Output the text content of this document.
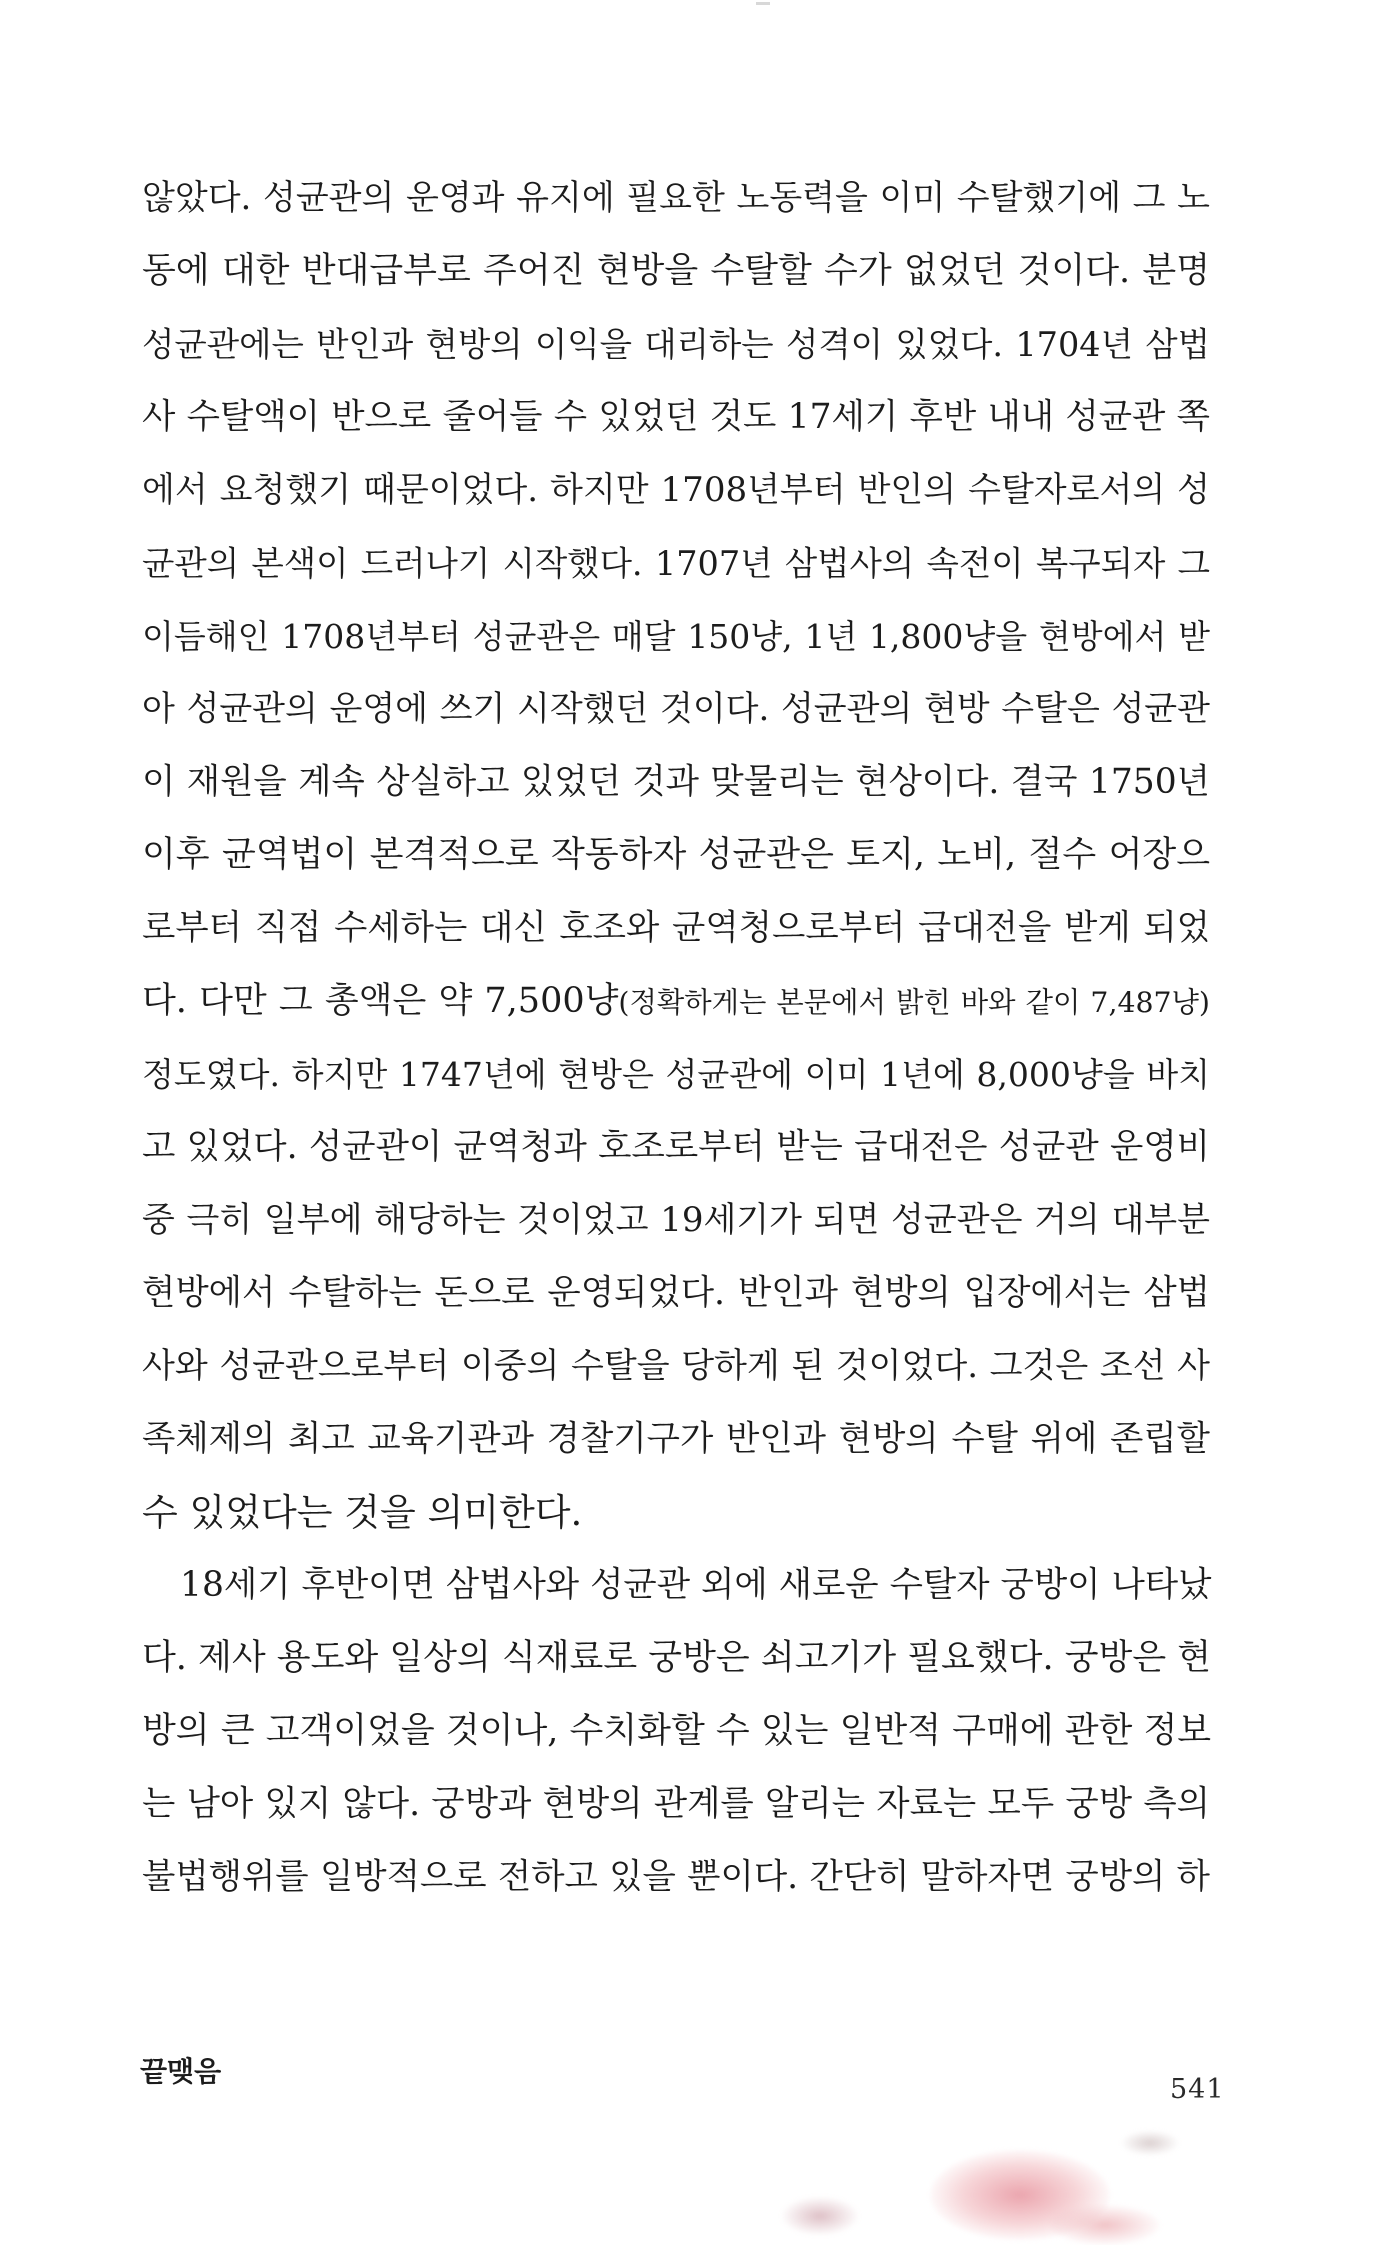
않았다. 성균관의 운영과 유지에 필요한 노동력을 이미 수탈했기에 그 노
동에 대한 반대급부로 주어진 현방을 수탈할 수가 없었던 것이다. 분명
성균관에는 반인과 현방의 이익을 대리하는 성격이 있었다. 1704년 삼법
사 수탈액이 반으로 줄어들 수 있었던 것도 17세기 후반 내내 성균관 쪽
에서 요청했기 때문이었다. 하지만 1708년부터 반인의 수탈자로서의 성
균관의 본색이 드러나기 시작했다. 1707년 삼법사의 속전이 복구되자 그
이듬해인 1708년부터 성균관은 매달 150냥, 1년 1,800냥을 현방에서 받
아 성균관의 운영에 쓰기 시작했던 것이다. 성균관의 현방 수탈은 성균관
이 재원을 계속 상실하고 있었던 것과 맞물리는 현상이다. 결국 1750년
이후 균역법이 본격적으로 작동하자 성균관은 토지, 노비, 절수 어장으
로부터 직접 수세하는 대신 호조와 균역청으로부터 급대전을 받게 되었
다. 다만 그 총액은 약 7,500냥(정확하게는 본문에서 밝힌 바와 같이 7,487냥)
정도였다. 하지만 1747년에 현방은 성균관에 이미 1년에 8,000냥을 바치
고 있었다. 성균관이 균역청과 호조로부터 받는 급대전은 성균관 운영비
중 극히 일부에 해당하는 것이었고 19세기가 되면 성균관은 거의 대부분
현방에서 수탈하는 돈으로 운영되었다. 반인과 현방의 입장에서는 삼법
사와 성균관으로부터 이중의 수탈을 당하게 된 것이었다. 그것은 조선 사
족체제의 최고 교육기관과 경찰기구가 반인과 현방의 수탈 위에 존립할
수 있었다는 것을 의미한다.
18세기 후반이면 삼법사와 성균관 외에 새로운 수탈자 궁방이 나타났
다. 제사 용도와 일상의 식재료로 궁방은 쇠고기가 필요했다. 궁방은 현
방의 큰 고객이었을 것이나, 수치화할 수 있는 일반적 구매에 관한 정보
는 남아 있지 않다. 궁방과 현방의 관계를 알리는 자료는 모두 궁방 측의
불법행위를 일방적으로 전하고 있을 뿐이다. 간단히 말하자면 궁방의 하
끝맺음
541
